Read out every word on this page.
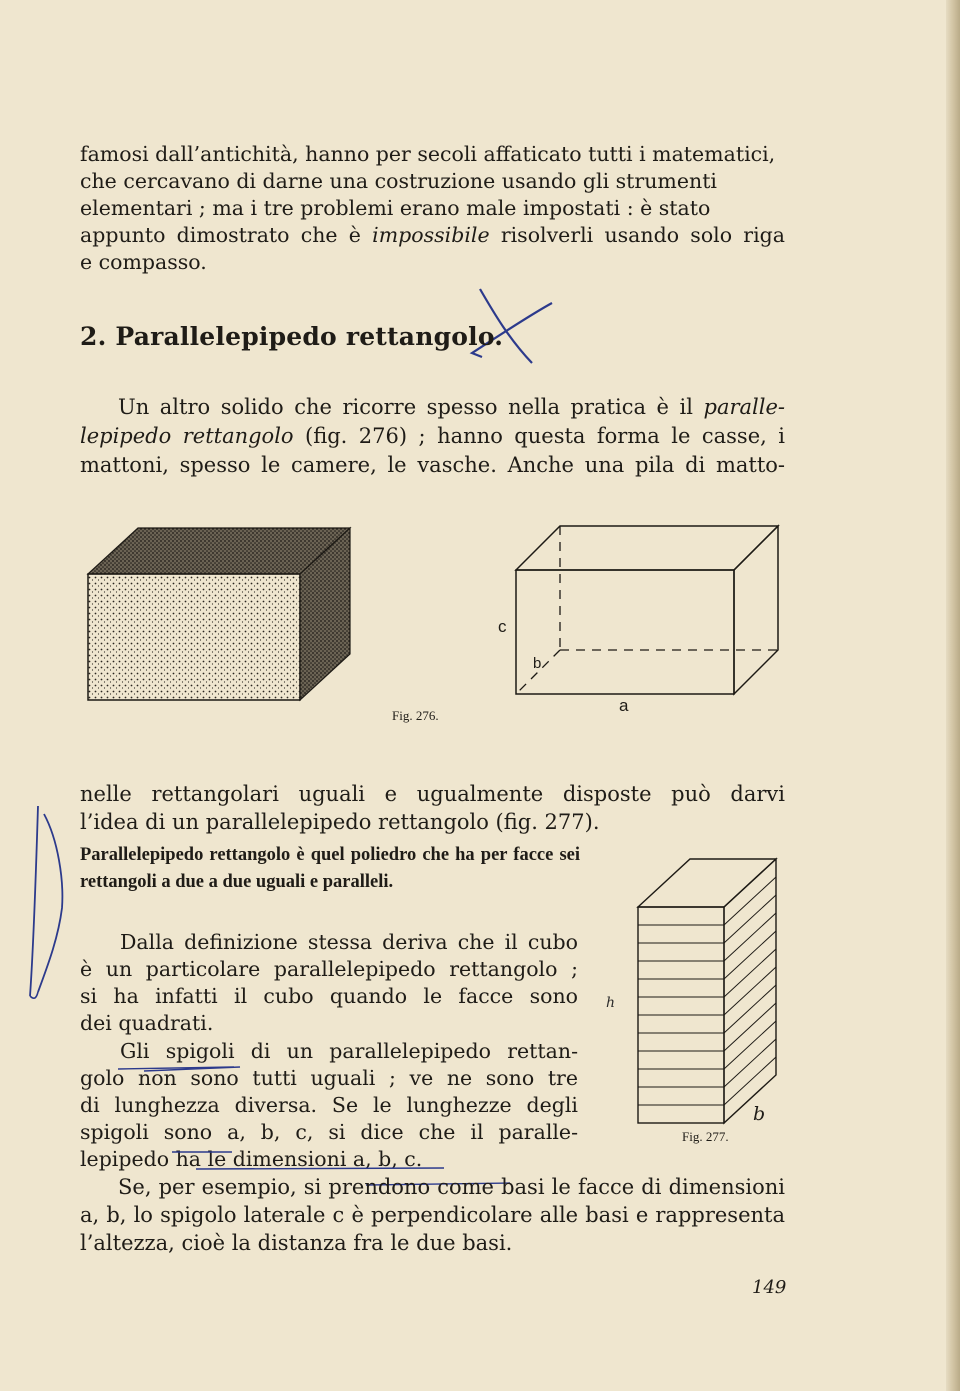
famosi dall’antichità, hanno per secoli affaticato tutti i matematici,
che cercavano di darne una costruzione usando gli strumenti
elementari ; ma i tre problemi erano male impostati : è stato
appunto dimostrato che è impossibile risolverli usando solo riga
e compasso.
2. Parallelepipedo rettangolo.
Un altro solido che ricorre spesso nella pratica è il paralle-
lepipedo rettangolo (fig. 276) ; hanno questa forma le casse, i
mattoni, spesso le camere, le vasche. Anche una pila di matto-
Fig. 276.
c
b
a
nelle rettangolari uguali e ugualmente disposte può darvi
l’idea di un parallelepipedo rettangolo (fig. 277).

Parallelepipedo rettangolo è quel poliedro che ha per facce sei rettangoli a due a due uguali e paralleli.

Dalla definizione stessa deriva che il cubo
è un particolare parallelepipedo rettangolo ;
si ha infatti il cubo quando le facce sono
dei quadrati.
Gli spigoli di un parallelepipedo rettan-
golo non sono tutti uguali ; ve ne sono tre
di lunghezza diversa. Se le lunghezze degli
spigoli sono a, b, c, si dice che il paralle-
lepipedo ha le dimensioni a, b, c.
h
b
Fig. 277.
Se, per esempio, si prendono come basi le facce di dimensioni
a, b, lo spigolo laterale c è perpendicolare alle basi e rappresenta
l’altezza, cioè la distanza fra le due basi.
149
